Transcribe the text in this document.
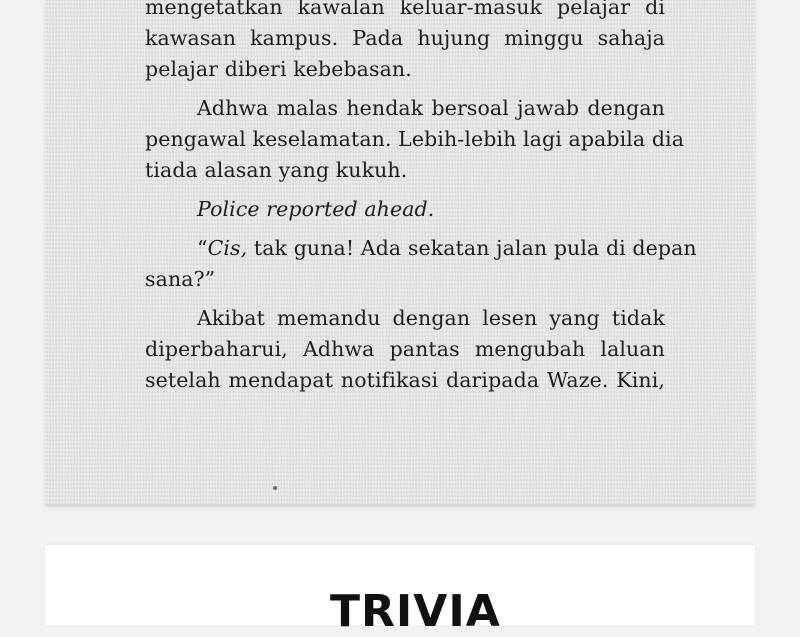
mengetatkan kawalan keluar-masuk pelajar di
kawasan kampus. Pada hujung minggu sahaja
pelajar diberi kebebasan.

Adhwa malas hendak bersoal jawab dengan
pengawal keselamatan. Lebih-lebih lagi apabila dia
tiada alasan yang kukuh.

Police reported ahead.

“Cis, tak guna! Ada sekatan jalan pula di depan
sana?”

Akibat memandu dengan lesen yang tidak
diperbaharui, Adhwa pantas mengubah laluan
setelah mendapat notifikasi daripada Waze. Kini,
